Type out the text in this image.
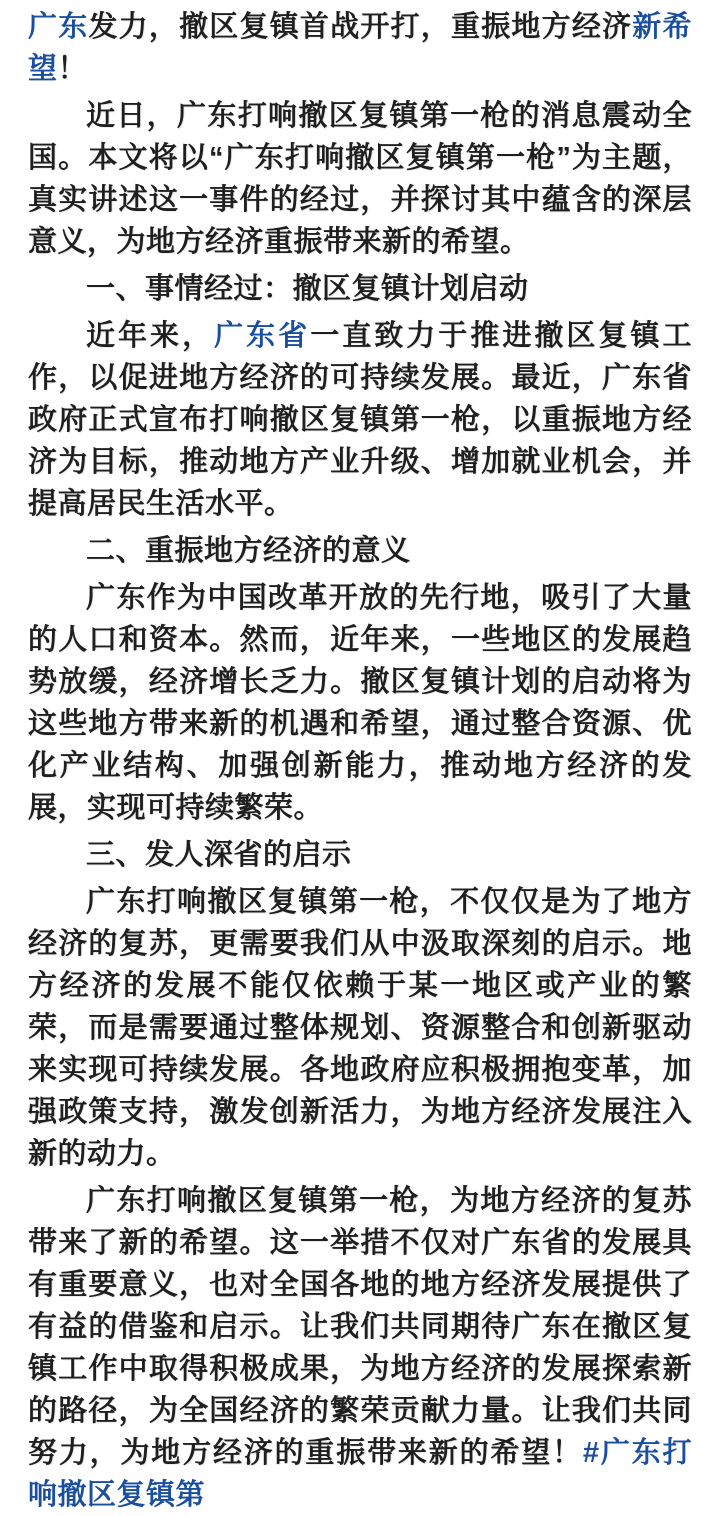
广东发力，撤区复镇首战开打，重振地方经济新希望！

近日，广东打响撤区复镇第一枪的消息震动全国。本文将以“广东打响撤区复镇第一枪”为主题，真实讲述这一事件的经过，并探讨其中蕴含的深层意义，为地方经济重振带来新的希望。

一、事情经过：撤区复镇计划启动

近年来，广东省一直致力于推进撤区复镇工作，以促进地方经济的可持续发展。最近，广东省政府正式宣布打响撤区复镇第一枪，以重振地方经济为目标，推动地方产业升级、增加就业机会，并提高居民生活水平。

二、重振地方经济的意义

广东作为中国改革开放的先行地，吸引了大量的人口和资本。然而，近年来，一些地区的发展趋势放缓，经济增长乏力。撤区复镇计划的启动将为这些地方带来新的机遇和希望，通过整合资源、优化产业结构、加强创新能力，推动地方经济的发展，实现可持续繁荣。

三、发人深省的启示

广东打响撤区复镇第一枪，不仅仅是为了地方经济的复苏，更需要我们从中汲取深刻的启示。地方经济的发展不能仅依赖于某一地区或产业的繁荣，而是需要通过整体规划、资源整合和创新驱动来实现可持续发展。各地政府应积极拥抱变革，加强政策支持，激发创新活力，为地方经济发展注入新的动力。

广东打响撤区复镇第一枪，为地方经济的复苏带来了新的希望。这一举措不仅对广东省的发展具有重要意义，也对全国各地的地方经济发展提供了有益的借鉴和启示。让我们共同期待广东在撤区复镇工作中取得积极成果，为地方经济的发展探索新的路径，为全国经济的繁荣贡献力量。让我们共同努力，为地方经济的重振带来新的希望！#广东打响撤区复镇第
